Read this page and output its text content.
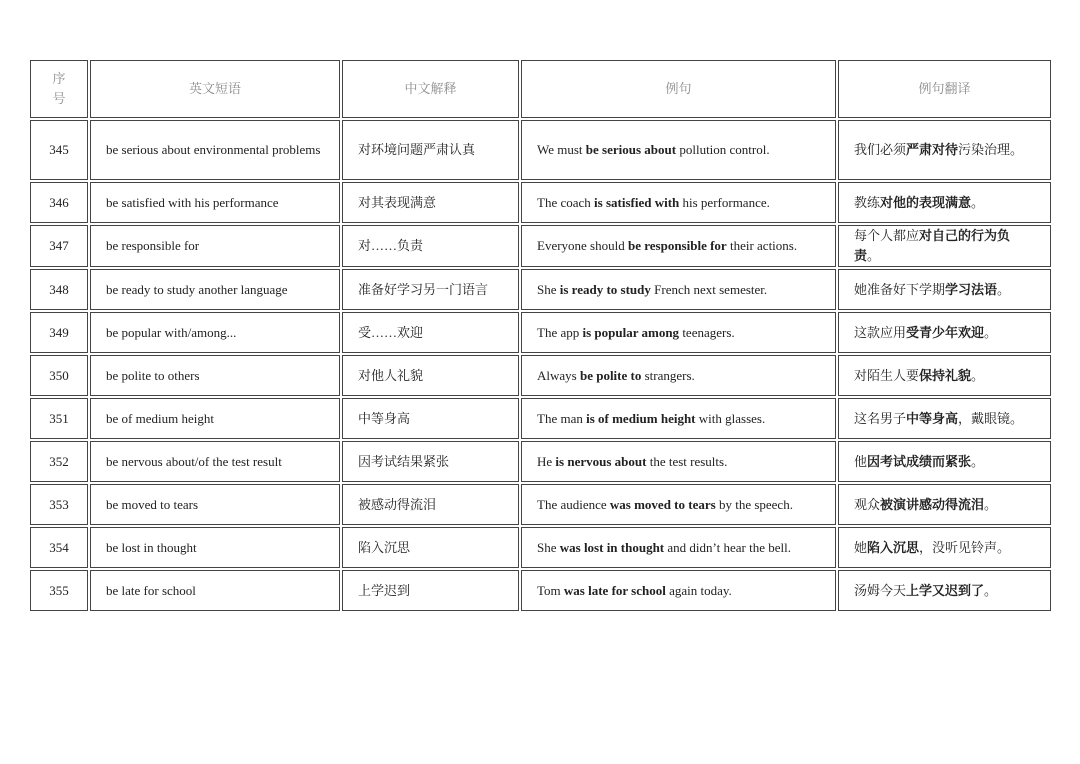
序号	英文短语	中文解释	例句	例句翻译
345	be serious about environmental problems	对环境问题严肃认真	We must be serious about pollution control.	我们必须严肃对待污染治理。
346	be satisfied with his performance	对其表现满意	The coach is satisfied with his performance.	教练对他的表现满意。
347	be responsible for	对……负责	Everyone should be responsible for their actions.	每个人都应对自己的行为负责。
348	be ready to study another language	准备好学习另一门语言	She is ready to study French next semester.	她准备好下学期学习法语。
349	be popular with/among...	受……欢迎	The app is popular among teenagers.	这款应用受青少年欢迎。
350	be polite to others	对他人礼貌	Always be polite to strangers.	对陌生人要保持礼貌。
351	be of medium height	中等身高	The man is of medium height with glasses.	这名男子中等身高，戴眼镜。
352	be nervous about/of the test result	因考试结果紧张	He is nervous about the test results.	他因考试成绩而紧张。
353	be moved to tears	被感动得流泪	The audience was moved to tears by the speech.	观众被演讲感动得流泪。
354	be lost in thought	陷入沉思	She was lost in thought and didn’t hear the bell.	她陷入沉思，没听见铃声。
355	be late for school	上学迟到	Tom was late for school again today.	汤姆今天上学又迟到了。
